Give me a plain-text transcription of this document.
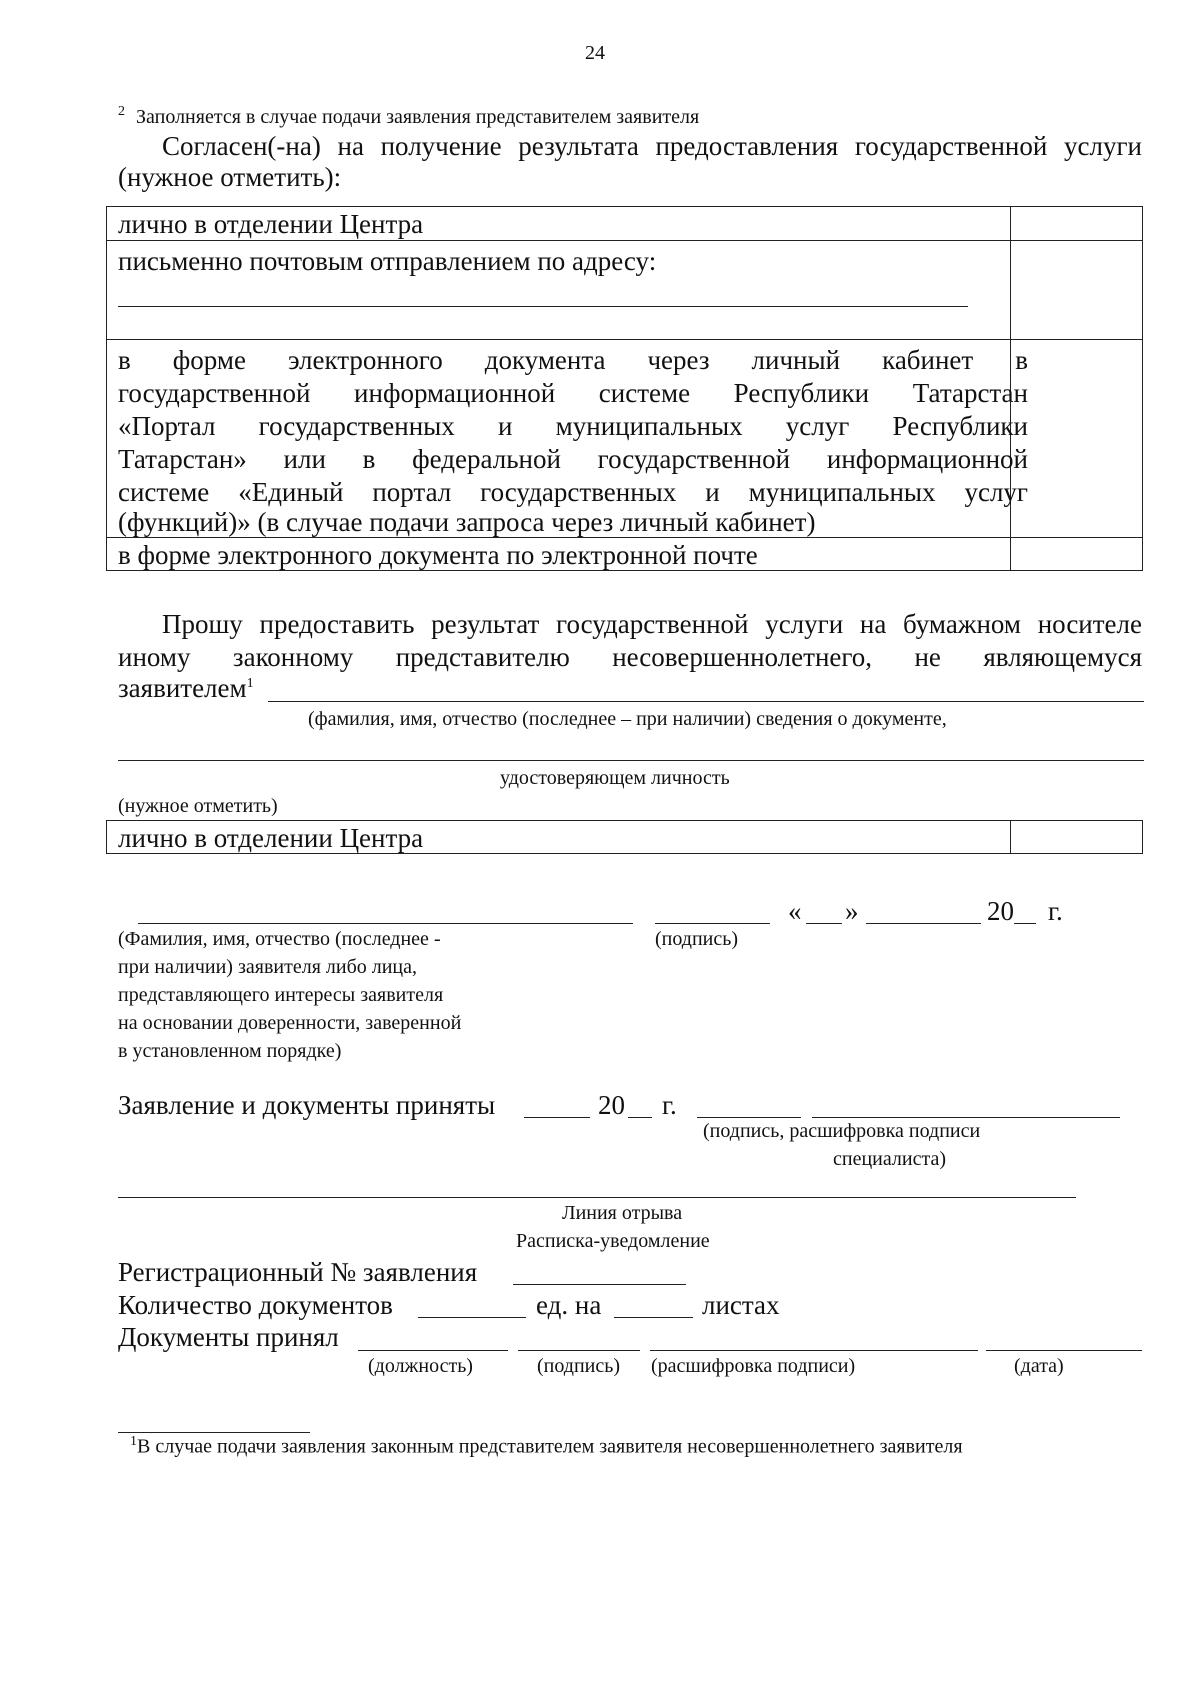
24
$^2$ Заполняется в случае подачи заявления представителем заявителя
Согласен(-на) на получение результата предоставления государственной услуги
(нужное отметить):
лично в отделении Центра
письменно почтовым отправлением по адресу:
в форме электронного документа через личный кабинет в
государственной информационной системе Республики Татарстан
«Портал государственных и муниципальных услуг Республики
Татарстан» или в федеральной государственной информационной
системе «Единый портал государственных и муниципальных услуг
(функций)» (в случае подачи запроса через личный кабинет)
в форме электронного документа по электронной почте
Прошу предоставить результат государственной услуги на бумажном носителе
иному законному представителю несовершеннолетнего, не являющемуся
заявителем$^1$
(фамилия, имя, отчество (последнее – при наличии) сведения о документе,
удостоверяющем личность
(нужное отметить)
лично в отделении Центра
« »	20 г.
(Фамилия, имя, отчество (последнее -
при наличии) заявителя либо лица,
представляющего интересы заявителя
на основании доверенности, заверенной
в установленном порядке)
(подпись)
Заявление и документы приняты	20 г.
(подпись, расшифровка подписи
специалиста)
Линия отрыва
Расписка-уведомление
Регистрационный № заявления
Количество документов	ед. на	листах
Документы принял
(должность)	(подпись) (расшифровка подписи)	(дата)
$^1$В случае подачи заявления законным представителем заявителя несовершеннолетнего заявителя
